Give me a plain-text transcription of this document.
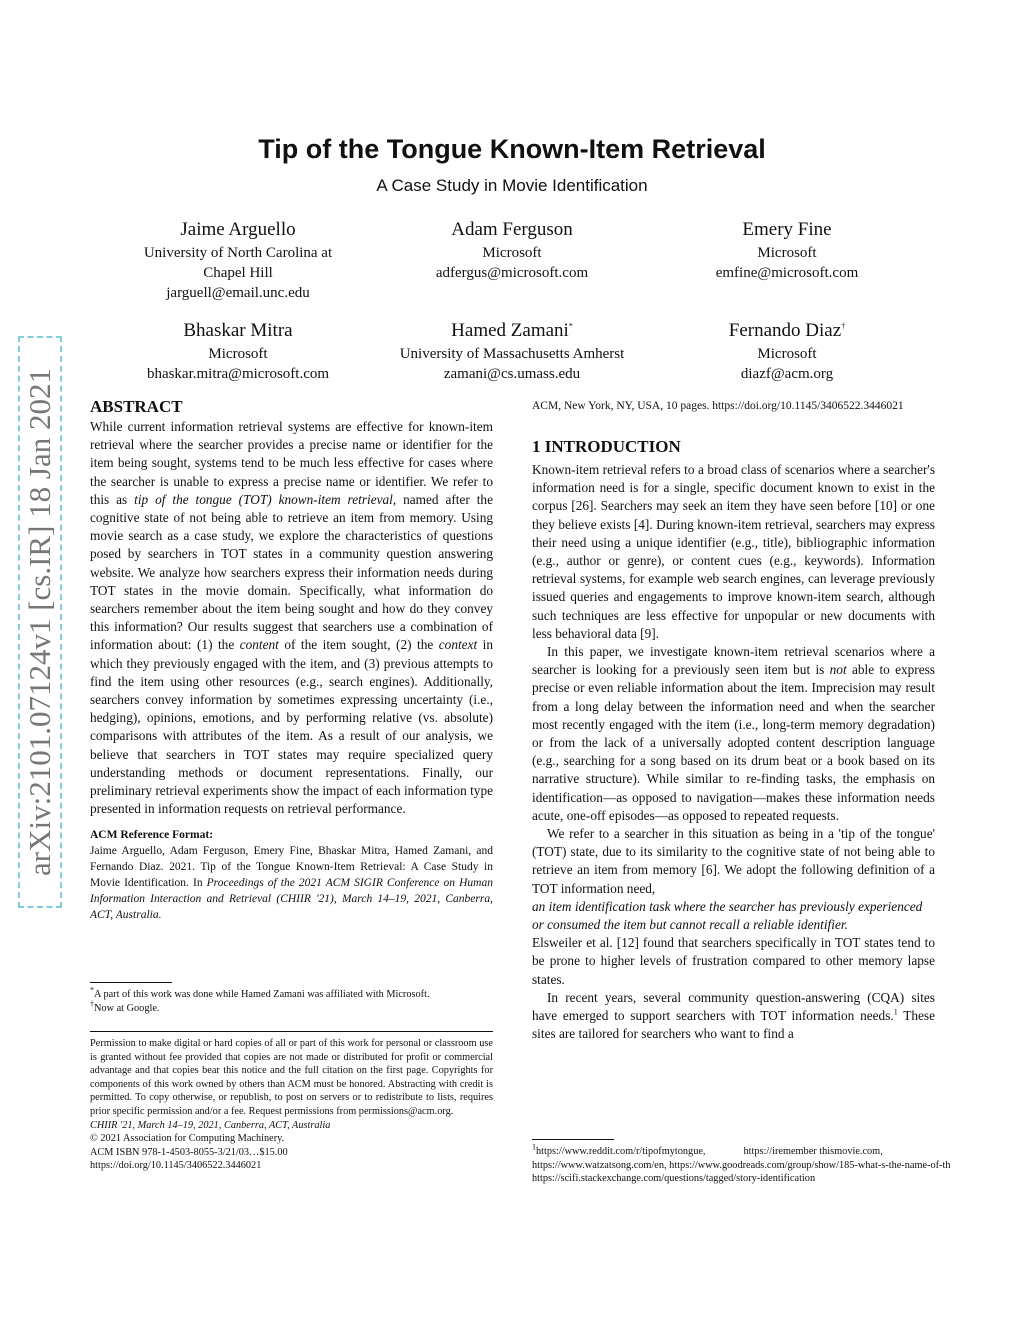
arXiv:2101.07124v1 [cs.IR] 18 Jan 2021
Tip of the Tongue Known-Item Retrieval
A Case Study in Movie Identification
Jaime Arguello
University of North Carolina at
Chapel Hill
jarguell@email.unc.edu
Adam Ferguson
Microsoft
adfergus@microsoft.com
Emery Fine
Microsoft
emfine@microsoft.com
Bhaskar Mitra
Microsoft
bhaskar.mitra@microsoft.com
Hamed Zamani*
University of Massachusetts Amherst
zamani@cs.umass.edu
Fernando Diaz†
Microsoft
diazf@acm.org

ABSTRACT

While current information retrieval systems are effective for known-item retrieval where the searcher provides a precise name or identifier for the item being sought, systems tend to be much less effective for cases where the searcher is unable to express a precise name or identifier. We refer to this as tip of the tongue (TOT) known-item retrieval, named after the cognitive state of not being able to retrieve an item from memory. Using movie search as a case study, we explore the characteristics of questions posed by searchers in TOT states in a community question answering website. We analyze how searchers express their information needs during TOT states in the movie domain. Specifically, what information do searchers remember about the item being sought and how do they convey this information? Our results suggest that searchers use a combination of information about: (1) the content of the item sought, (2) the context in which they previously engaged with the item, and (3) previous attempts to find the item using other resources (e.g., search engines). Additionally, searchers convey information by sometimes expressing uncertainty (i.e., hedging), opinions, emotions, and by performing relative (vs. absolute) comparisons with attributes of the item. As a result of our analysis, we believe that searchers in TOT states may require specialized query understanding methods or document representations. Finally, our preliminary retrieval experiments show the impact of each information type presented in information requests on retrieval performance.

ACM Reference Format:

Jaime Arguello, Adam Ferguson, Emery Fine, Bhaskar Mitra, Hamed Zamani, and Fernando Diaz. 2021. Tip of the Tongue Known-Item Retrieval: A Case Study in Movie Identification. In Proceedings of the 2021 ACM SIGIR Conference on Human Information Interaction and Retrieval (CHIIR '21), March 14–19, 2021, Canberra, ACT, Australia.

*A part of this work was done while Hamed Zamani was affiliated with Microsoft.

†Now at Google.

Permission to make digital or hard copies of all or part of this work for personal or classroom use is granted without fee provided that copies are not made or distributed for profit or commercial advantage and that copies bear this notice and the full citation on the first page. Copyrights for components of this work owned by others than ACM must be honored. Abstracting with credit is permitted. To copy otherwise, or republish, to post on servers or to redistribute to lists, requires prior specific permission and/or a fee. Request permissions from permissions@acm.org.

CHIIR '21, March 14–19, 2021, Canberra, ACT, Australia

© 2021 Association for Computing Machinery.

ACM ISBN 978-1-4503-8055-3/21/03…$15.00

https://doi.org/10.1145/3406522.3446021

ACM, New York, NY, USA, 10 pages. https://doi.org/10.1145/3406522.3446021

1 INTRODUCTION

Known-item retrieval refers to a broad class of scenarios where a searcher's information need is for a single, specific document known to exist in the corpus [26]. Searchers may seek an item they have seen before [10] or one they believe exists [4]. During known-item retrieval, searchers may express their need using a unique identifier (e.g., title), bibliographic information (e.g., author or genre), or content cues (e.g., keywords). Information retrieval systems, for example web search engines, can leverage previously issued queries and engagements to improve known-item search, although such techniques are less effective for unpopular or new documents with less behavioral data [9].

In this paper, we investigate known-item retrieval scenarios where a searcher is looking for a previously seen item but is not able to express precise or even reliable information about the item. Imprecision may result from a long delay between the information need and when the searcher most recently engaged with the item (i.e., long-term memory degradation) or from the lack of a universally adopted content description language (e.g., searching for a song based on its drum beat or a book based on its narrative structure). While similar to re-finding tasks, the emphasis on identification—as opposed to navigation—makes these information needs acute, one-off episodes—as opposed to repeated requests.

We refer to a searcher in this situation as being in a 'tip of the tongue' (TOT) state, due to its similarity to the cognitive state of not being able to retrieve an item from memory [6]. We adopt the following definition of a TOT information need,

an item identification task where the searcher has previously experienced or consumed the item but cannot recall a reliable identifier.

Elsweiler et al. [12] found that searchers specifically in TOT states tend to be prone to higher levels of frustration compared to other memory lapse states.

In recent years, several community question-answering (CQA) sites have emerged to support searchers with TOT information needs.$^1$ These sites are tailored for searchers who want to find a

$^1$https://www.reddit.com/r/tipofmytongue,	https://iremember thismovie.com,
https://www.watzatsong.com/en, https://www.goodreads.com/group/show/185-what-s-the-name-of-th
https://scifi.stackexchange.com/questions/tagged/story-identification
